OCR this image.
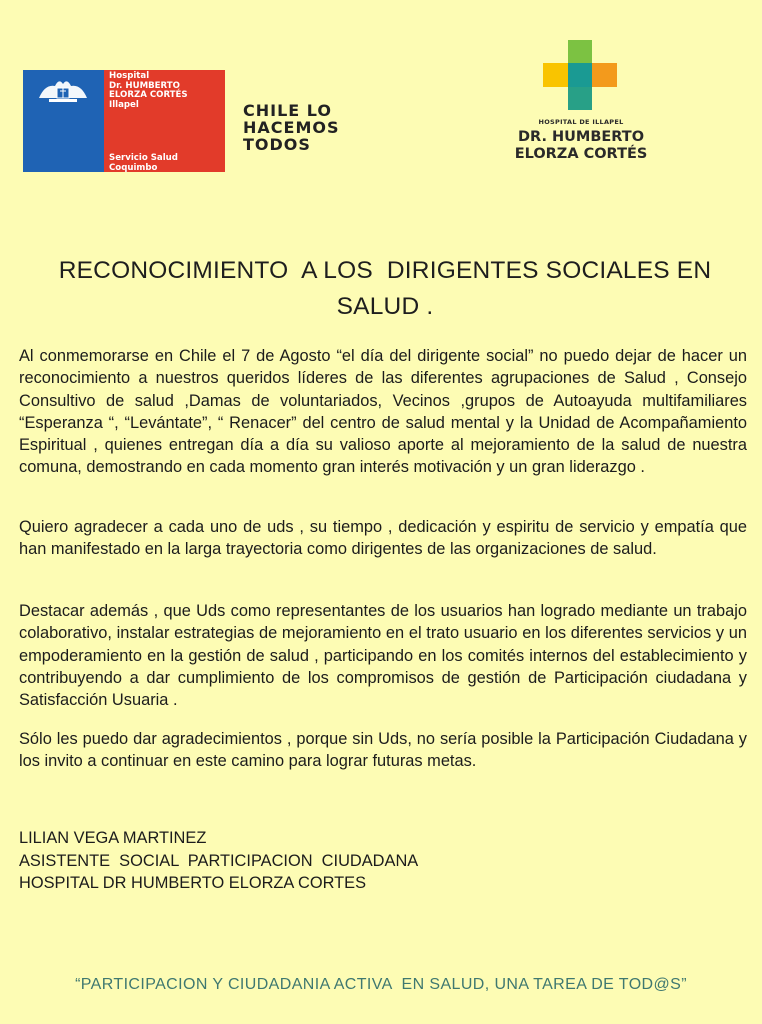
Hospital
Dr. HUMBERTO
ELORZA CORTÉS
Illapel
Servicio Salud
Coquimbo
CHILE LO
HACEMOS
TODOS
HOSPITAL DE ILLAPEL
DR. HUMBERTO
ELORZA CORTÉS
RECONOCIMIENTO  A LOS  DIRIGENTES SOCIALES EN
SALUD .
Al conmemorarse en Chile el 7 de Agosto “el día del dirigente social” no puedo dejar de hacer un reconocimiento a nuestros queridos líderes de las diferentes agrupaciones de Salud , Consejo Consultivo de salud ,Damas de voluntariados, Vecinos ,grupos de Autoayuda multifamiliares “Esperanza “, “Levántate”, “ Renacer” del centro de salud mental y la Unidad de Acompañamiento Espiritual , quienes entregan día a día su valioso aporte al mejoramiento de la salud de nuestra comuna, demostrando en cada momento gran interés motivación y un gran liderazgo .
Quiero agradecer a cada uno de uds , su tiempo , dedicación y espiritu de servicio y empatía que han manifestado en la larga trayectoria como dirigentes de las organizaciones de salud.
Destacar además , que Uds como representantes de los usuarios han logrado mediante un trabajo colaborativo, instalar estrategias de mejoramiento en el trato usuario en los diferentes servicios y un empoderamiento en la gestión de salud , participando en los comités internos del establecimiento y contribuyendo a dar cumplimiento de los compromisos de gestión de Participación ciudadana y Satisfacción Usuaria .
Sólo les puedo dar agradecimientos , porque sin Uds, no sería posible la Participación Ciudadana y los invito a continuar en este camino para lograr futuras metas.
LILIAN VEGA MARTINEZ
ASISTENTE  SOCIAL  PARTICIPACION  CIUDADANA
HOSPITAL DR HUMBERTO ELORZA CORTES
“PARTICIPACION Y CIUDADANIA ACTIVA  EN SALUD, UNA TAREA DE TOD@S”
